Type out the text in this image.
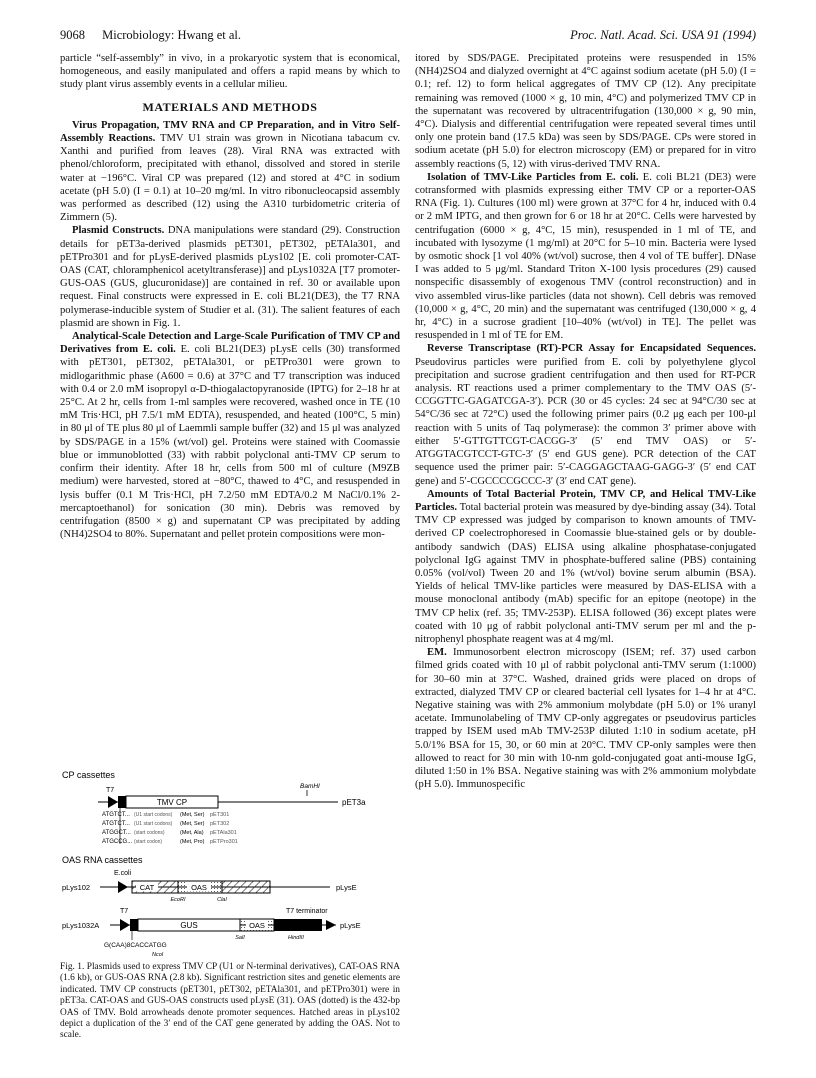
9068 Microbiology: Hwang et al.	Proc. Natl. Acad. Sci. USA 91 (1994)

particle “self-assembly” in vivo, in a prokaryotic system that is economical, homogeneous, and easily manipulated and offers a rapid means by which to study plant virus assembly events in a cellular milieu.

MATERIALS AND METHODS

Virus Propagation, TMV RNA and CP Preparation, and in Vitro Self-Assembly Reactions. TMV U1 strain was grown in Nicotiana tabacum cv. Xanthi and purified from leaves (28). Viral RNA was extracted with phenol/chloroform, precipitated with ethanol, dissolved and stored in sterile water at −196°C. Viral CP was prepared (12) and stored at 4°C in sodium acetate (pH 5.0) (I = 0.1) at 10–20 mg/ml. In vitro ribonucleocapsid assembly was performed as described (12) using the A310 turbidometric criteria of Zimmern (5).

Plasmid Constructs. DNA manipulations were standard (29). Construction details for pET3a-derived plasmids pET301, pET302, pETAla301, and pETPro301 and for pLysE-derived plasmids pLys102 [E. coli promoter-CAT-OAS (CAT, chloramphenicol acetyltransferase)] and pLys1032A [T7 promoter-GUS-OAS (GUS, glucuronidase)] are contained in ref. 30 or available upon request. Final constructs were expressed in E. coli BL21(DE3), the T7 RNA polymerase-inducible system of Studier et al. (31). The salient features of each plasmid are shown in Fig. 1.

Analytical-Scale Detection and Large-Scale Purification of TMV CP and Derivatives from E. coli. E. coli BL21(DE3) pLysE cells (30) transformed with pET301, pET302, pETAla301, or pETPro301 were grown to midlogarithmic phase (A600 = 0.6) at 37°C and T7 transcription was induced with 0.4 or 2.0 mM isopropyl α-D-thiogalactopyranoside (IPTG) for 2–18 hr at 25°C. At 2 hr, cells from 1-ml samples were recovered, washed once in TE (10 mM Tris·HCl, pH 7.5/1 mM EDTA), resuspended, and heated (100°C, 5 min) in 80 μl of TE plus 80 μl of Laemmli sample buffer (32) and 15 μl was analyzed by SDS/PAGE in a 15% (wt/vol) gel. Proteins were stained with Coomassie blue or immunoblotted (33) with rabbit polyclonal anti-TMV CP serum to confirm their identity. After 18 hr, cells from 500 ml of culture (M9ZB medium) were harvested, stored at −80°C, thawed to 4°C, and resuspended in lysis buffer (0.1 M Tris·HCl, pH 7.2/50 mM EDTA/0.2 M NaCl/0.1% 2-mercaptoethanol) for sonication (30 min). Debris was removed by centrifugation (8500 × g) and supernatant CP was precipitated by adding (NH4)2SO4 to 80%. Supernatant and pellet protein compositions were mon-

CP cassettes
T7
BamHI
TMV CP	pET3a
ATGTCT... (U1 start codons) (Met, Ser) pET301
ATGTCT... (U1 start codons) (Met, Ser) pET302
ATGGCT... (start codons)	(Met, Ala) pETAla301
ATGCCG... (start codon)	(Met, Pro) pETPro301
OAS RNA cassettes
E.coli
pLys102	CAT	OAS
EcoRI	ClaI
pLysE
T7 terminator
T7
pLys1032A	GUS	OAS	pLysE
SalI	HindIII
G(CAA)8CACCATGG
NcoI
Fig. 1. Plasmids used to express TMV CP (U1 or N-terminal derivatives), CAT-OAS RNA (1.6 kb), or GUS-OAS RNA (2.8 kb). Significant restriction sites and genetic elements are indicated. TMV CP constructs (pET301, pET302, pETAla301, and pETPro301) were in pET3a. CAT-OAS and GUS-OAS constructs used pLysE (31). OAS (dotted) is the 432-bp OAS of TMV. Bold arrowheads denote promoter sequences. Hatched areas in pLys102 depict a duplication of the 3′ end of the CAT gene generated by adding the OAS. Not to scale.

itored by SDS/PAGE. Precipitated proteins were resuspended in 15% (NH4)2SO4 and dialyzed overnight at 4°C against sodium acetate (pH 5.0) (I = 0.1; ref. 12) to form helical aggregates of TMV CP (12). Any precipitate remaining was removed (1000 × g, 10 min, 4°C) and polymerized TMV CP in the supernatant was recovered by ultracentrifugation (130,000 × g, 90 min, 4°C). Dialysis and differential centrifugation were repeated several times until only one protein band (17.5 kDa) was seen by SDS/PAGE. CPs were stored in sodium acetate (pH 5.0) for electron microscopy (EM) or prepared for in vitro assembly reactions (5, 12) with virus-derived TMV RNA.

Isolation of TMV-Like Particles from E. coli. E. coli BL21 (DE3) were cotransformed with plasmids expressing either TMV CP or a reporter-OAS RNA (Fig. 1). Cultures (100 ml) were grown at 37°C for 4 hr, induced with 0.4 or 2 mM IPTG, and then grown for 6 or 18 hr at 20°C. Cells were harvested by centrifugation (6000 × g, 4°C, 15 min), resuspended in 1 ml of TE, and incubated with lysozyme (1 mg/ml) at 20°C for 5–10 min. Bacteria were lysed by osmotic shock [1 vol 40% (wt/vol) sucrose, then 4 vol of TE buffer]. DNase I was added to 5 μg/ml. Standard Triton X-100 lysis procedures (29) caused nonspecific disassembly of exogenous TMV (control reconstruction) and in vivo assembled virus-like particles (data not shown). Cell debris was removed (10,000 × g, 4°C, 20 min) and the supernatant was centrifuged (130,000 × g, 4 hr, 4°C) in a sucrose gradient [10–40% (wt/vol) in TE]. The pellet was resuspended in 1 ml of TE for EM.

Reverse Transcriptase (RT)-PCR Assay for Encapsidated Sequences. Pseudovirus particles were purified from E. coli by polyethylene glycol precipitation and sucrose gradient centrifugation and then used for RT-PCR analysis. RT reactions used a primer complementary to the TMV OAS (5′-CCGGTTC-GAGATCGA-3′). PCR (30 or 45 cycles: 24 sec at 94°C/30 sec at 54°C/36 sec at 72°C) used the following primer pairs (0.2 μg each per 100-μl reaction with 5 units of Taq polymerase): the common 3′ primer above with either 5′-GTTGTTCGT-CACGG-3′ (5′ end TMV OAS) or 5′-ATGGTACGTCCT-GTC-3′ (5′ end GUS gene). PCR detection of the CAT sequence used the primer pair: 5′-CAGGAGCTAAG-GAGG-3′ (5′ end CAT gene) and 5′-CGCCCCGCCC-3′ (3′ end CAT gene).

Amounts of Total Bacterial Protein, TMV CP, and Helical TMV-Like Particles. Total bacterial protein was measured by dye-binding assay (34). Total TMV CP expressed was judged by comparison to known amounts of TMV-derived CP coelectrophoresed in Coomassie blue-stained gels or by double-antibody sandwich (DAS) ELISA using alkaline phosphatase-conjugated polyclonal IgG against TMV in phosphate-buffered saline (PBS) containing 0.05% (vol/vol) Tween 20 and 1% (wt/vol) bovine serum albumin (BSA). Yields of helical TMV-like particles were measured by DAS-ELISA with a mouse monoclonal antibody (mAb) specific for an epitope (neotope) in the TMV CP helix (ref. 35; TMV-253P). ELISA followed (36) except plates were coated with 10 μg of rabbit polyclonal anti-TMV serum per ml and the p-nitrophenyl phosphate reagent was at 4 mg/ml.

EM. Immunosorbent electron microscopy (ISEM; ref. 37) used carbon filmed grids coated with 10 μl of rabbit polyclonal anti-TMV serum (1:1000) for 30–60 min at 37°C. Washed, drained grids were placed on drops of extracted, dialyzed TMV CP or cleared bacterial cell lysates for 1–4 hr at 4°C. Negative staining was with 2% ammonium molybdate (pH 5.0) or 1% uranyl acetate. Immunolabeling of TMV CP-only aggregates or pseudovirus particles trapped by ISEM used mAb TMV-253P diluted 1:10 in sodium acetate, pH 5.0/1% BSA for 15, 30, or 60 min at 20°C. TMV CP-only samples were then allowed to react for 30 min with 10-nm gold-conjugated goat anti-mouse IgG, diluted 1:50 in 1% BSA. Negative staining was with 2% ammonium molybdate (pH 5.0). Immunospecific
